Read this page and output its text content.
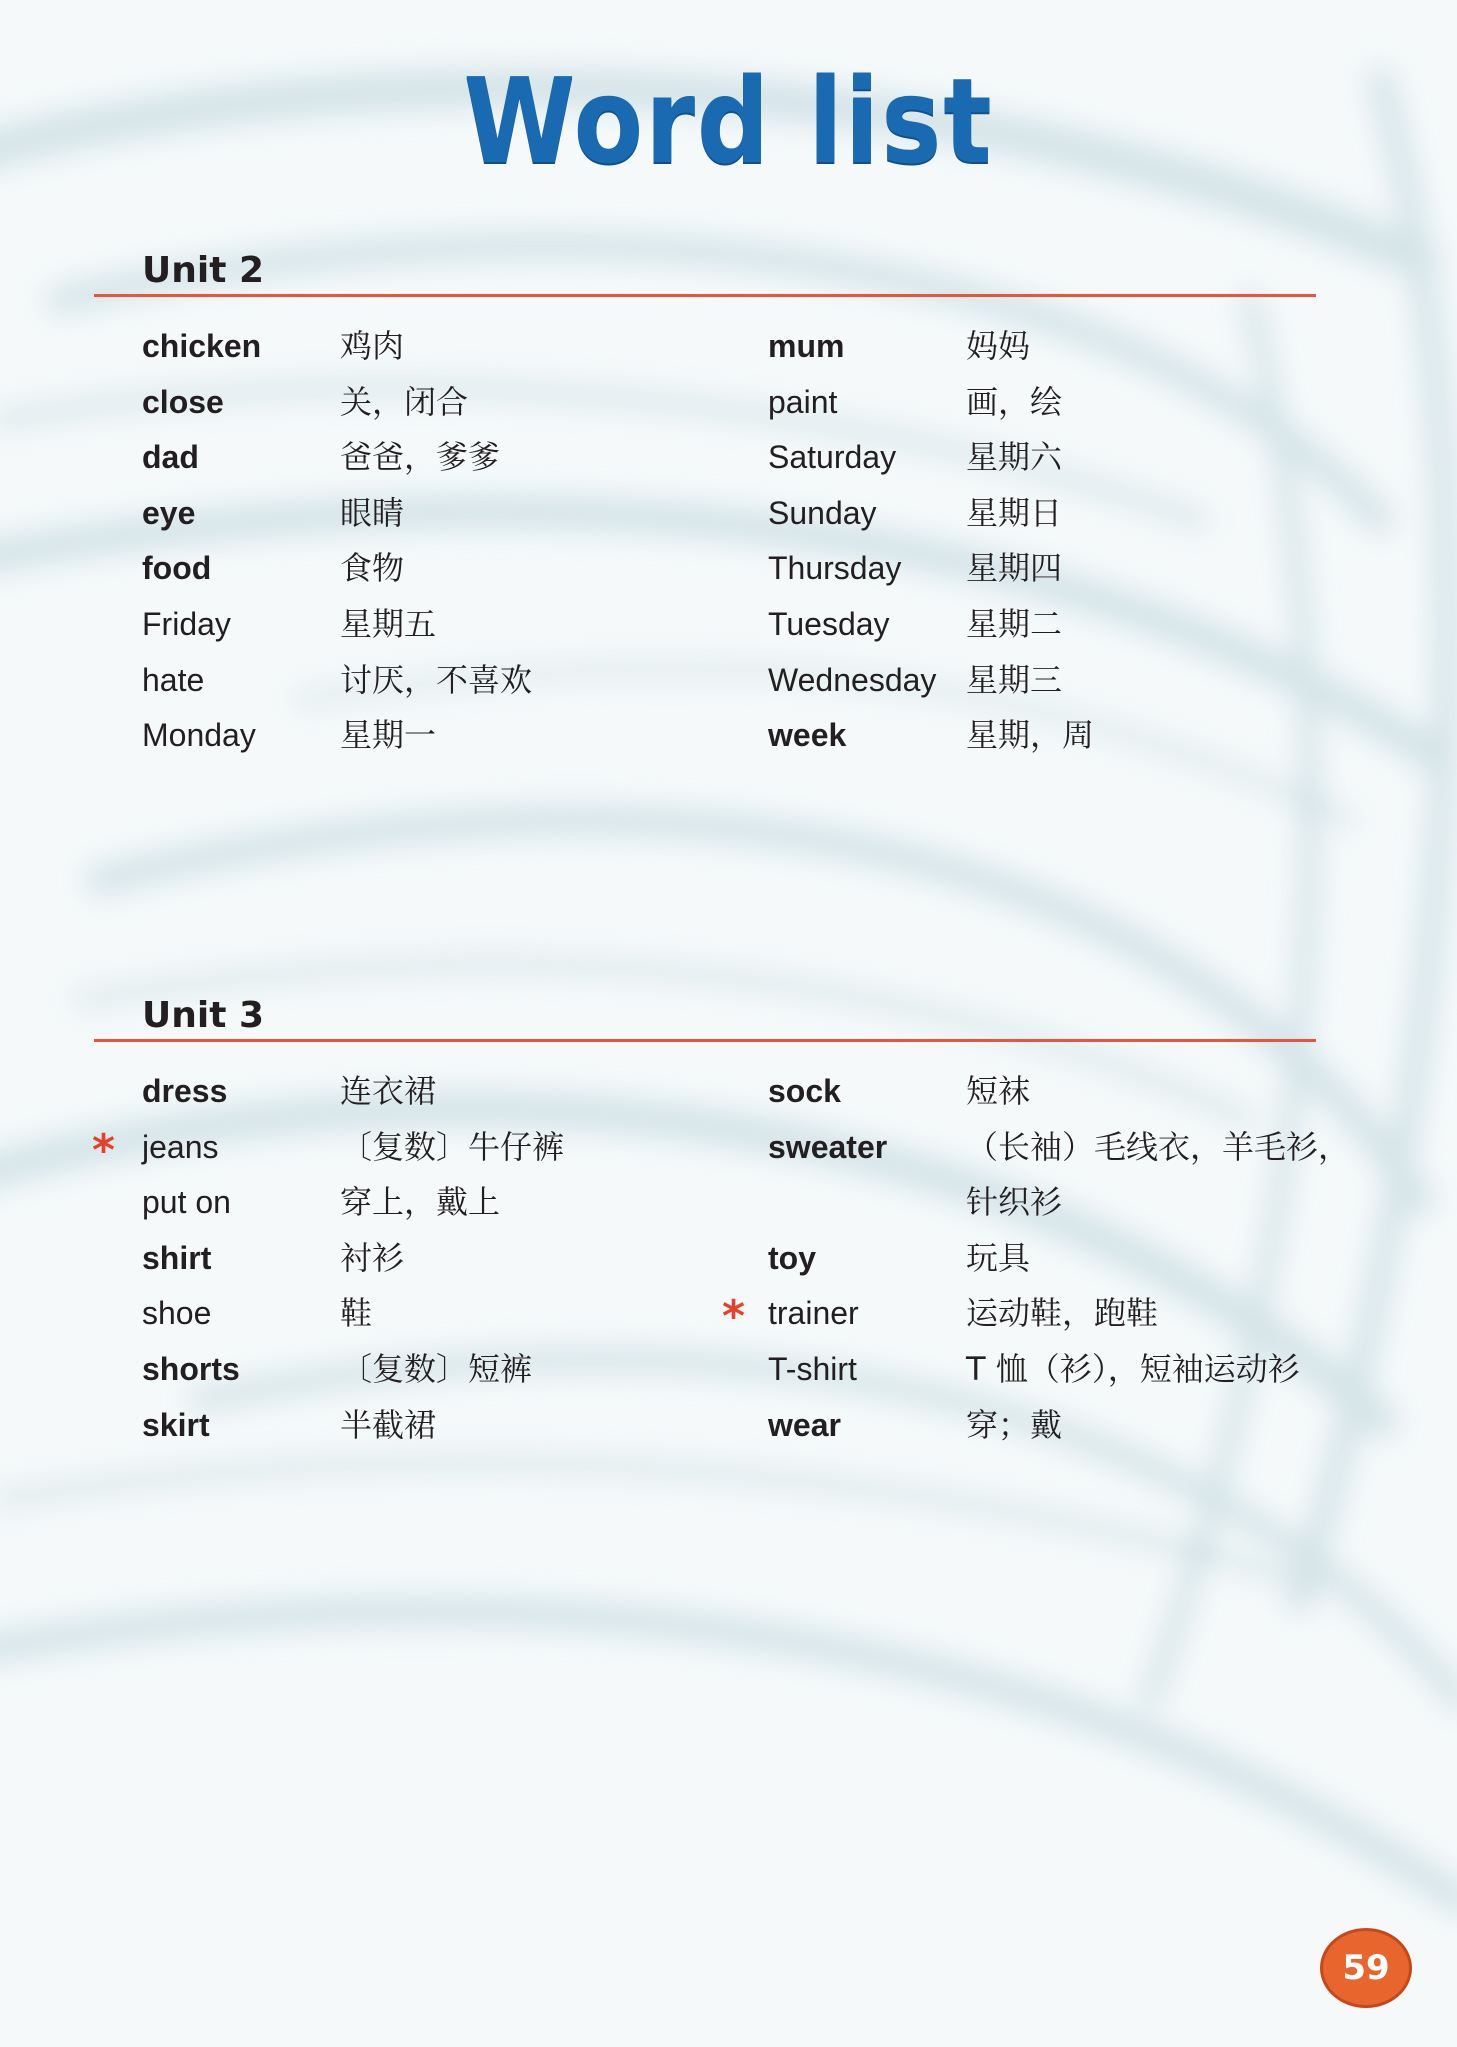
Word list
Unit 2
chicken 鸡肉
close	关，闭合
dad	爸爸，爹爹
eye	眼睛
food	食物
Friday	星期五
hate	讨厌，不喜欢
Monday	星期一
mum	妈妈
paint	画，绘
Saturday 星期六
Sunday	星期日
Thursday 星期四
Tuesday 星期二
Wednesday 星期三
week	星期，周
Unit 3
dress	连衣裙
* jeans	〔复数〕牛仔裤
put on	穿上，戴上
shirt	衬衫
shoe	鞋
shorts	〔复数〕短裤
skirt	半截裙
sock	短袜
sweater （长袖）毛线衣，羊毛衫，
针织衫
toy	玩具
* trainer	运动鞋，跑鞋
T-shirt	T 恤（衫），短袖运动衫
wear	穿；戴
59
